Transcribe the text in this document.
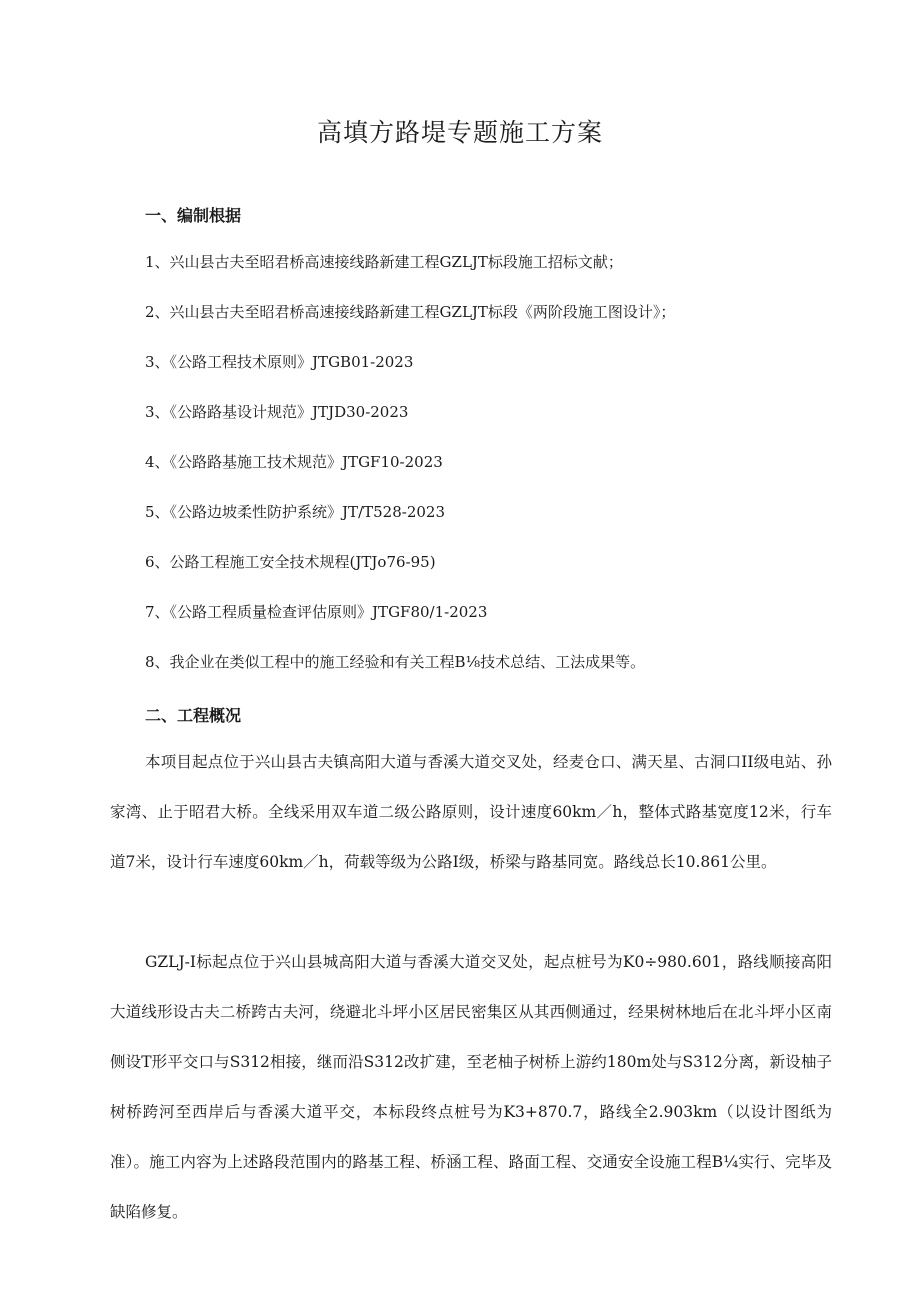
高填方路堤专题施工方案
一、编制根据
1、兴山县古夫至昭君桥高速接线路新建工程GZLJT标段施工招标文献；
2、兴山县古夫至昭君桥高速接线路新建工程GZLJT标段《两阶段施工图设计》；
3、《公路工程技术原则》JTGB01-2023
3、《公路路基设计规范》JTJD30-2023
4、《公路路基施工技术规范》JTGF10-2023
5、《公路边坡柔性防护系统》JT/T528-2023
6、公路工程施工安全技术规程(JTJo76-95)
7、《公路工程质量检查评估原则》JTGF80/1-2023
8、我企业在类似工程中的施工经验和有关工程B⅛技术总结、工法成果等。
二、工程概况

本项目起点位于兴山县古夫镇高阳大道与香溪大道交叉处，经麦仓口、满天星、古洞口II级电站、孙家湾、止于昭君大桥。全线采用双车道二级公路原则，设计速度60km／h，整体式路基宽度12米，行车道7米，设计行车速度60km／h，荷载等级为公路Ⅰ级，桥梁与路基同宽。路线总长10.861公里。

GZLJ-I标起点位于兴山县城高阳大道与香溪大道交叉处，起点桩号为K0÷980.601，路线顺接高阳大道线形设古夫二桥跨古夫河，绕避北斗坪小区居民密集区从其西侧通过，经果树林地后在北斗坪小区南侧设T形平交口与S312相接，继而沿S312改扩建，至老柚子树桥上游约180m处与S312分离，新设柚子树桥跨河至西岸后与香溪大道平交，本标段终点桩号为K3+870.7，路线全2.903km（以设计图纸为准）。施工内容为上述路段范围内的路基工程、桥涵工程、路面工程、交通安全设施工程B¼实行、完毕及缺陷修复。
